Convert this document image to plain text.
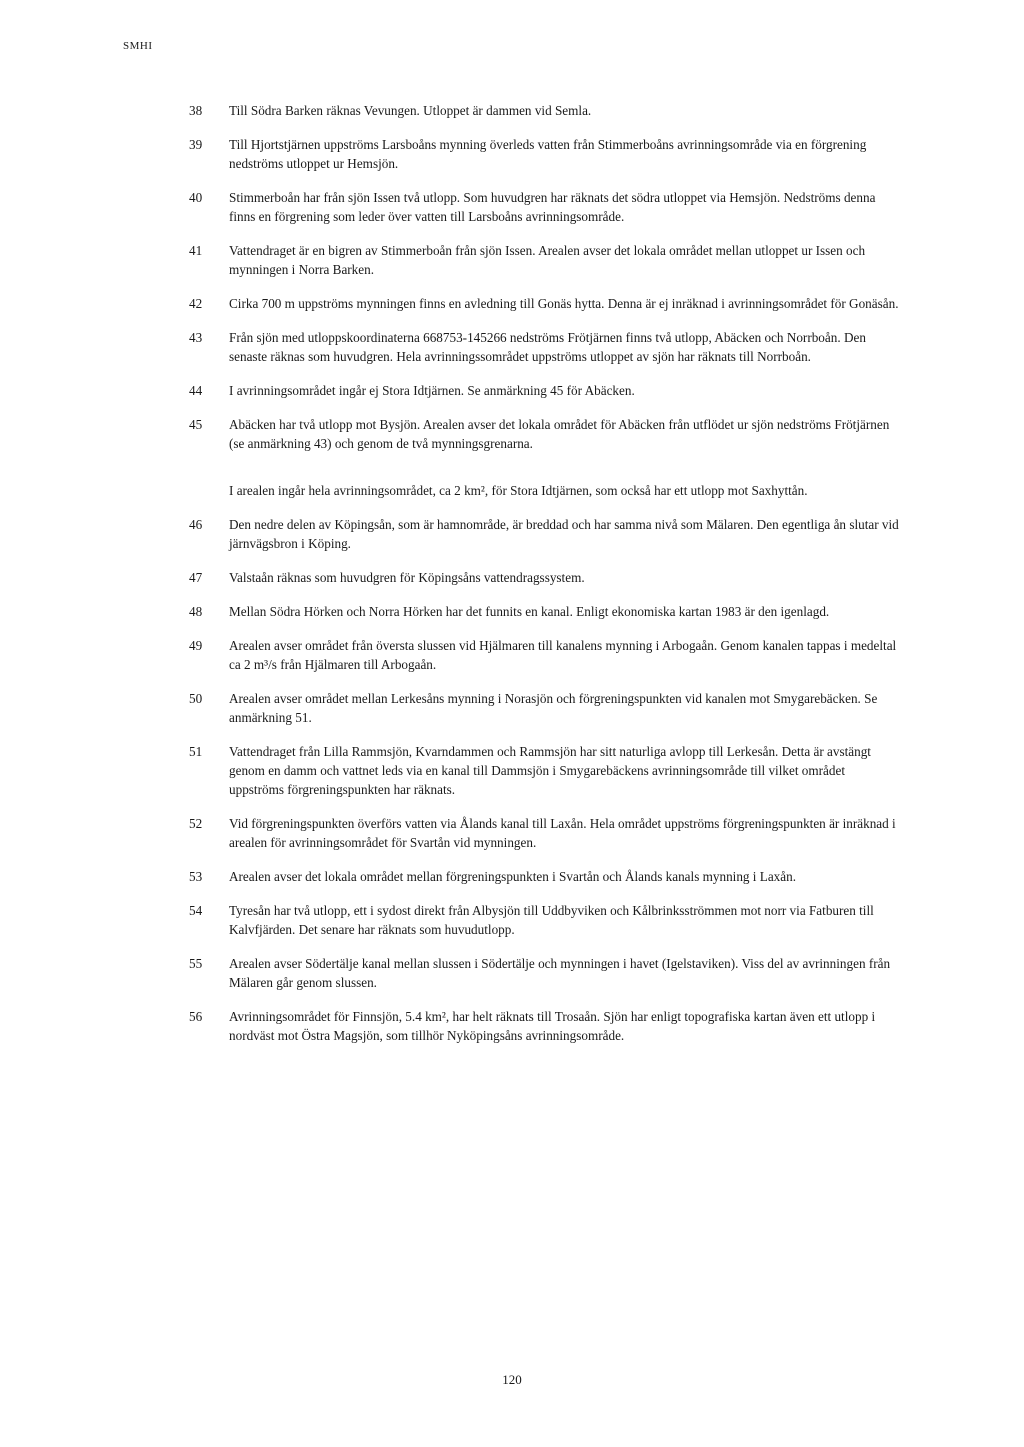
SMHI
38	Till Södra Barken räknas Vevungen. Utloppet är dammen vid Semla.
39	Till Hjortstjärnen uppströms Larsboåns mynning överleds vatten från Stimmerboåns avrinningsområde via en förgrening nedströms utloppet ur Hemsjön.
40	Stimmerboån har från sjön Issen två utlopp. Som huvudgren har räknats det södra utloppet via Hemsjön. Nedströms denna finns en förgrening som leder över vatten till Larsboåns avrinningsområde.
41	Vattendraget är en bigren av Stimmerboån från sjön Issen. Arealen avser det lokala området mellan utloppet ur Issen och mynningen i Norra Barken.
42	Cirka 700 m uppströms mynningen finns en avledning till Gonäs hytta. Denna är ej inräknad i avrinningsområdet för Gonäsån.
43	Från sjön med utloppskoordinaterna 668753-145266 nedströms Frötjärnen finns två utlopp, Abäcken och Norrboån. Den senaste räknas som huvudgren. Hela avrinningssområdet uppströms utloppet av sjön har räknats till Norrboån.
44	I avrinningsområdet ingår ej Stora Idtjärnen. Se anmärkning 45 för Abäcken.
45	Abäcken har två utlopp mot Bysjön. Arealen avser det lokala området för Abäcken från utflödet ur sjön nedströms Frötjärnen (se anmärkning 43) och genom de två mynningsgrenarna.
I arealen ingår hela avrinningsområdet, ca 2 km², för Stora Idtjärnen, som också har ett utlopp mot Saxhyttån.
46	Den nedre delen av Köpingsån, som är hamnområde, är breddad och har samma nivå som Mälaren. Den egentliga ån slutar vid järnvägsbron i Köping.
47	Valstaån räknas som huvudgren för Köpingsåns vattendragssystem.
48	Mellan Södra Hörken och Norra Hörken har det funnits en kanal. Enligt ekonomiska kartan 1983 är den igenlagd.
49	Arealen avser området från översta slussen vid Hjälmaren till kanalens mynning i Arbogaån. Genom kanalen tappas i medeltal ca 2 m³/s från Hjälmaren till Arbogaån.
50	Arealen avser området mellan Lerkesåns mynning i Norasjön och förgreningspunkten vid kanalen mot Smygarebäcken. Se anmärkning 51.
51	Vattendraget från Lilla Rammsjön, Kvarndammen och Rammsjön har sitt naturliga avlopp till Lerkesån. Detta är avstängt genom en damm och vattnet leds via en kanal till Dammsjön i Smygarebäckens avrinningsområde till vilket området uppströms förgreningspunkten har räknats.
52	Vid förgreningspunkten överförs vatten via Ålands kanal till Laxån. Hela området uppströms förgreningspunkten är inräknad i arealen för avrinningsområdet för Svartån vid mynningen.
53	Arealen avser det lokala området mellan förgreningspunkten i Svartån och Ålands kanals mynning i Laxån.
54	Tyresån har två utlopp, ett i sydost direkt från Albysjön till Uddbyviken och Kålbrinksströmmen mot norr via Fatburen till Kalvfjärden. Det senare har räknats som huvudutlopp.
55	Arealen avser Södertälje kanal mellan slussen i Södertälje och mynningen i havet (Igelstaviken). Viss del av avrinningen från Mälaren går genom slussen.
56	Avrinningsområdet för Finnsjön, 5.4 km², har helt räknats till Trosaån. Sjön har enligt topografiska kartan även ett utlopp i nordväst mot Östra Magsjön, som tillhör Nyköpingsåns avrinningsområde.
120
